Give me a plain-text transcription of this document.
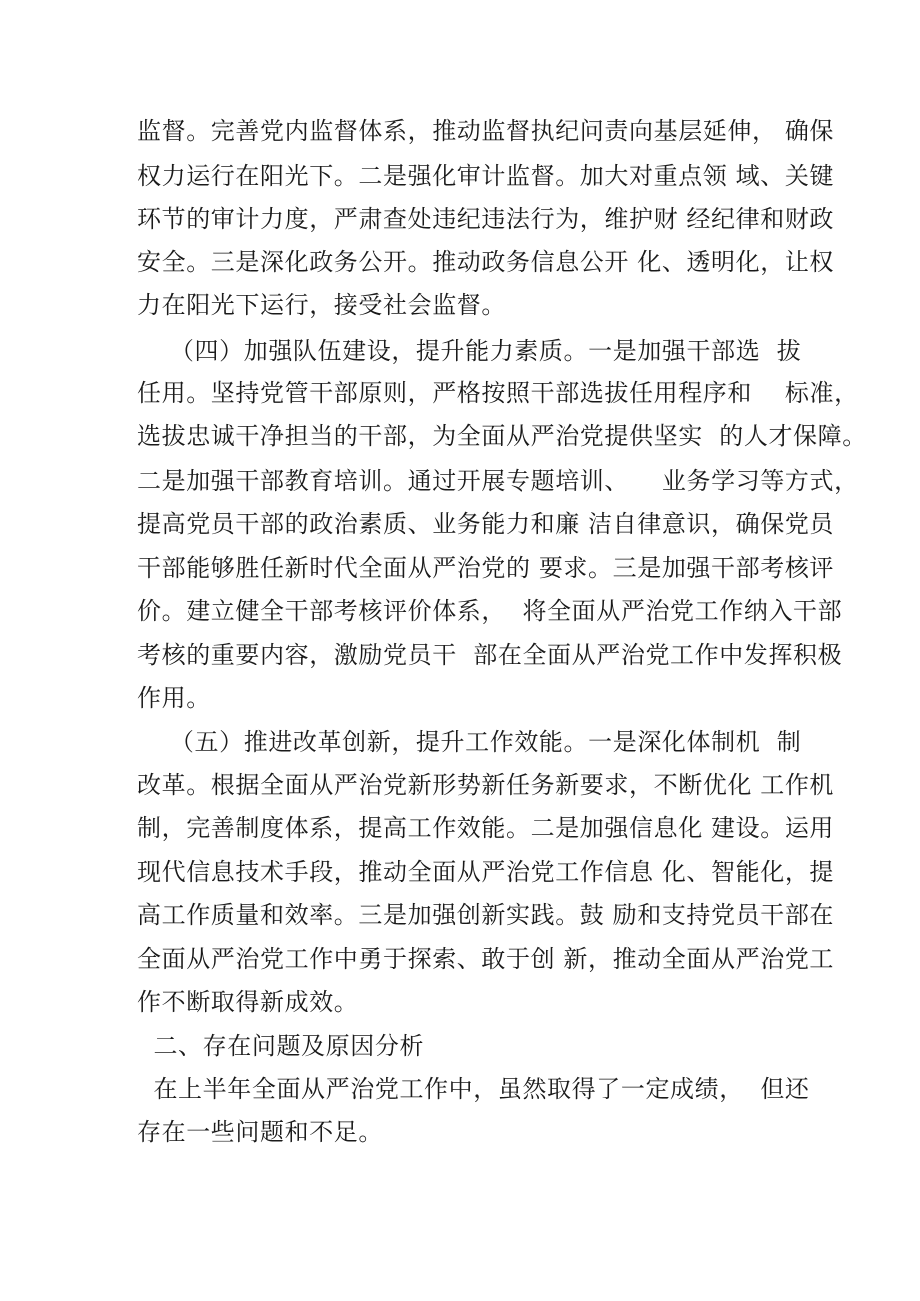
监督。完善党内监督体系，推动监督执纪问责向基层延伸， 确保
权力运行在阳光下。二是强化审计监督。加大对重点领 域、关键
环节的审计力度，严肃查处违纪违法行为，维护财 经纪律和财政
安全。三是深化政务公开。推动政务信息公开 化、透明化，让权
力在阳光下运行，接受社会监督。
（四）加强队伍建设，提升能力素质。一是加强干部选  拔
任用。坚持党管干部原则，严格按照干部选拔任用程序和    标准，
选拔忠诚干净担当的干部，为全面从严治党提供坚实  的人才保障。
二是加强干部教育培训。通过开展专题培训、    业务学习等方式，
提高党员干部的政治素质、业务能力和廉 洁自律意识，确保党员
干部能够胜任新时代全面从严治党的 要求。三是加强干部考核评
价。建立健全干部考核评价体系，  将全面从严治党工作纳入干部
考核的重要内容，激励党员干  部在全面从严治党工作中发挥积极
作用。
（五）推进改革创新，提升工作效能。一是深化体制机  制
改革。根据全面从严治党新形势新任务新要求，不断优化 工作机
制，完善制度体系，提高工作效能。二是加强信息化 建设。运用
现代信息技术手段，推动全面从严治党工作信息 化、智能化，提
高工作质量和效率。三是加强创新实践。鼓 励和支持党员干部在
全面从严治党工作中勇于探索、敢于创 新，推动全面从严治党工
作不断取得新成效。
二、存在问题及原因分析
在上半年全面从严治党工作中，虽然取得了一定成绩，  但还
存在一些问题和不足。
